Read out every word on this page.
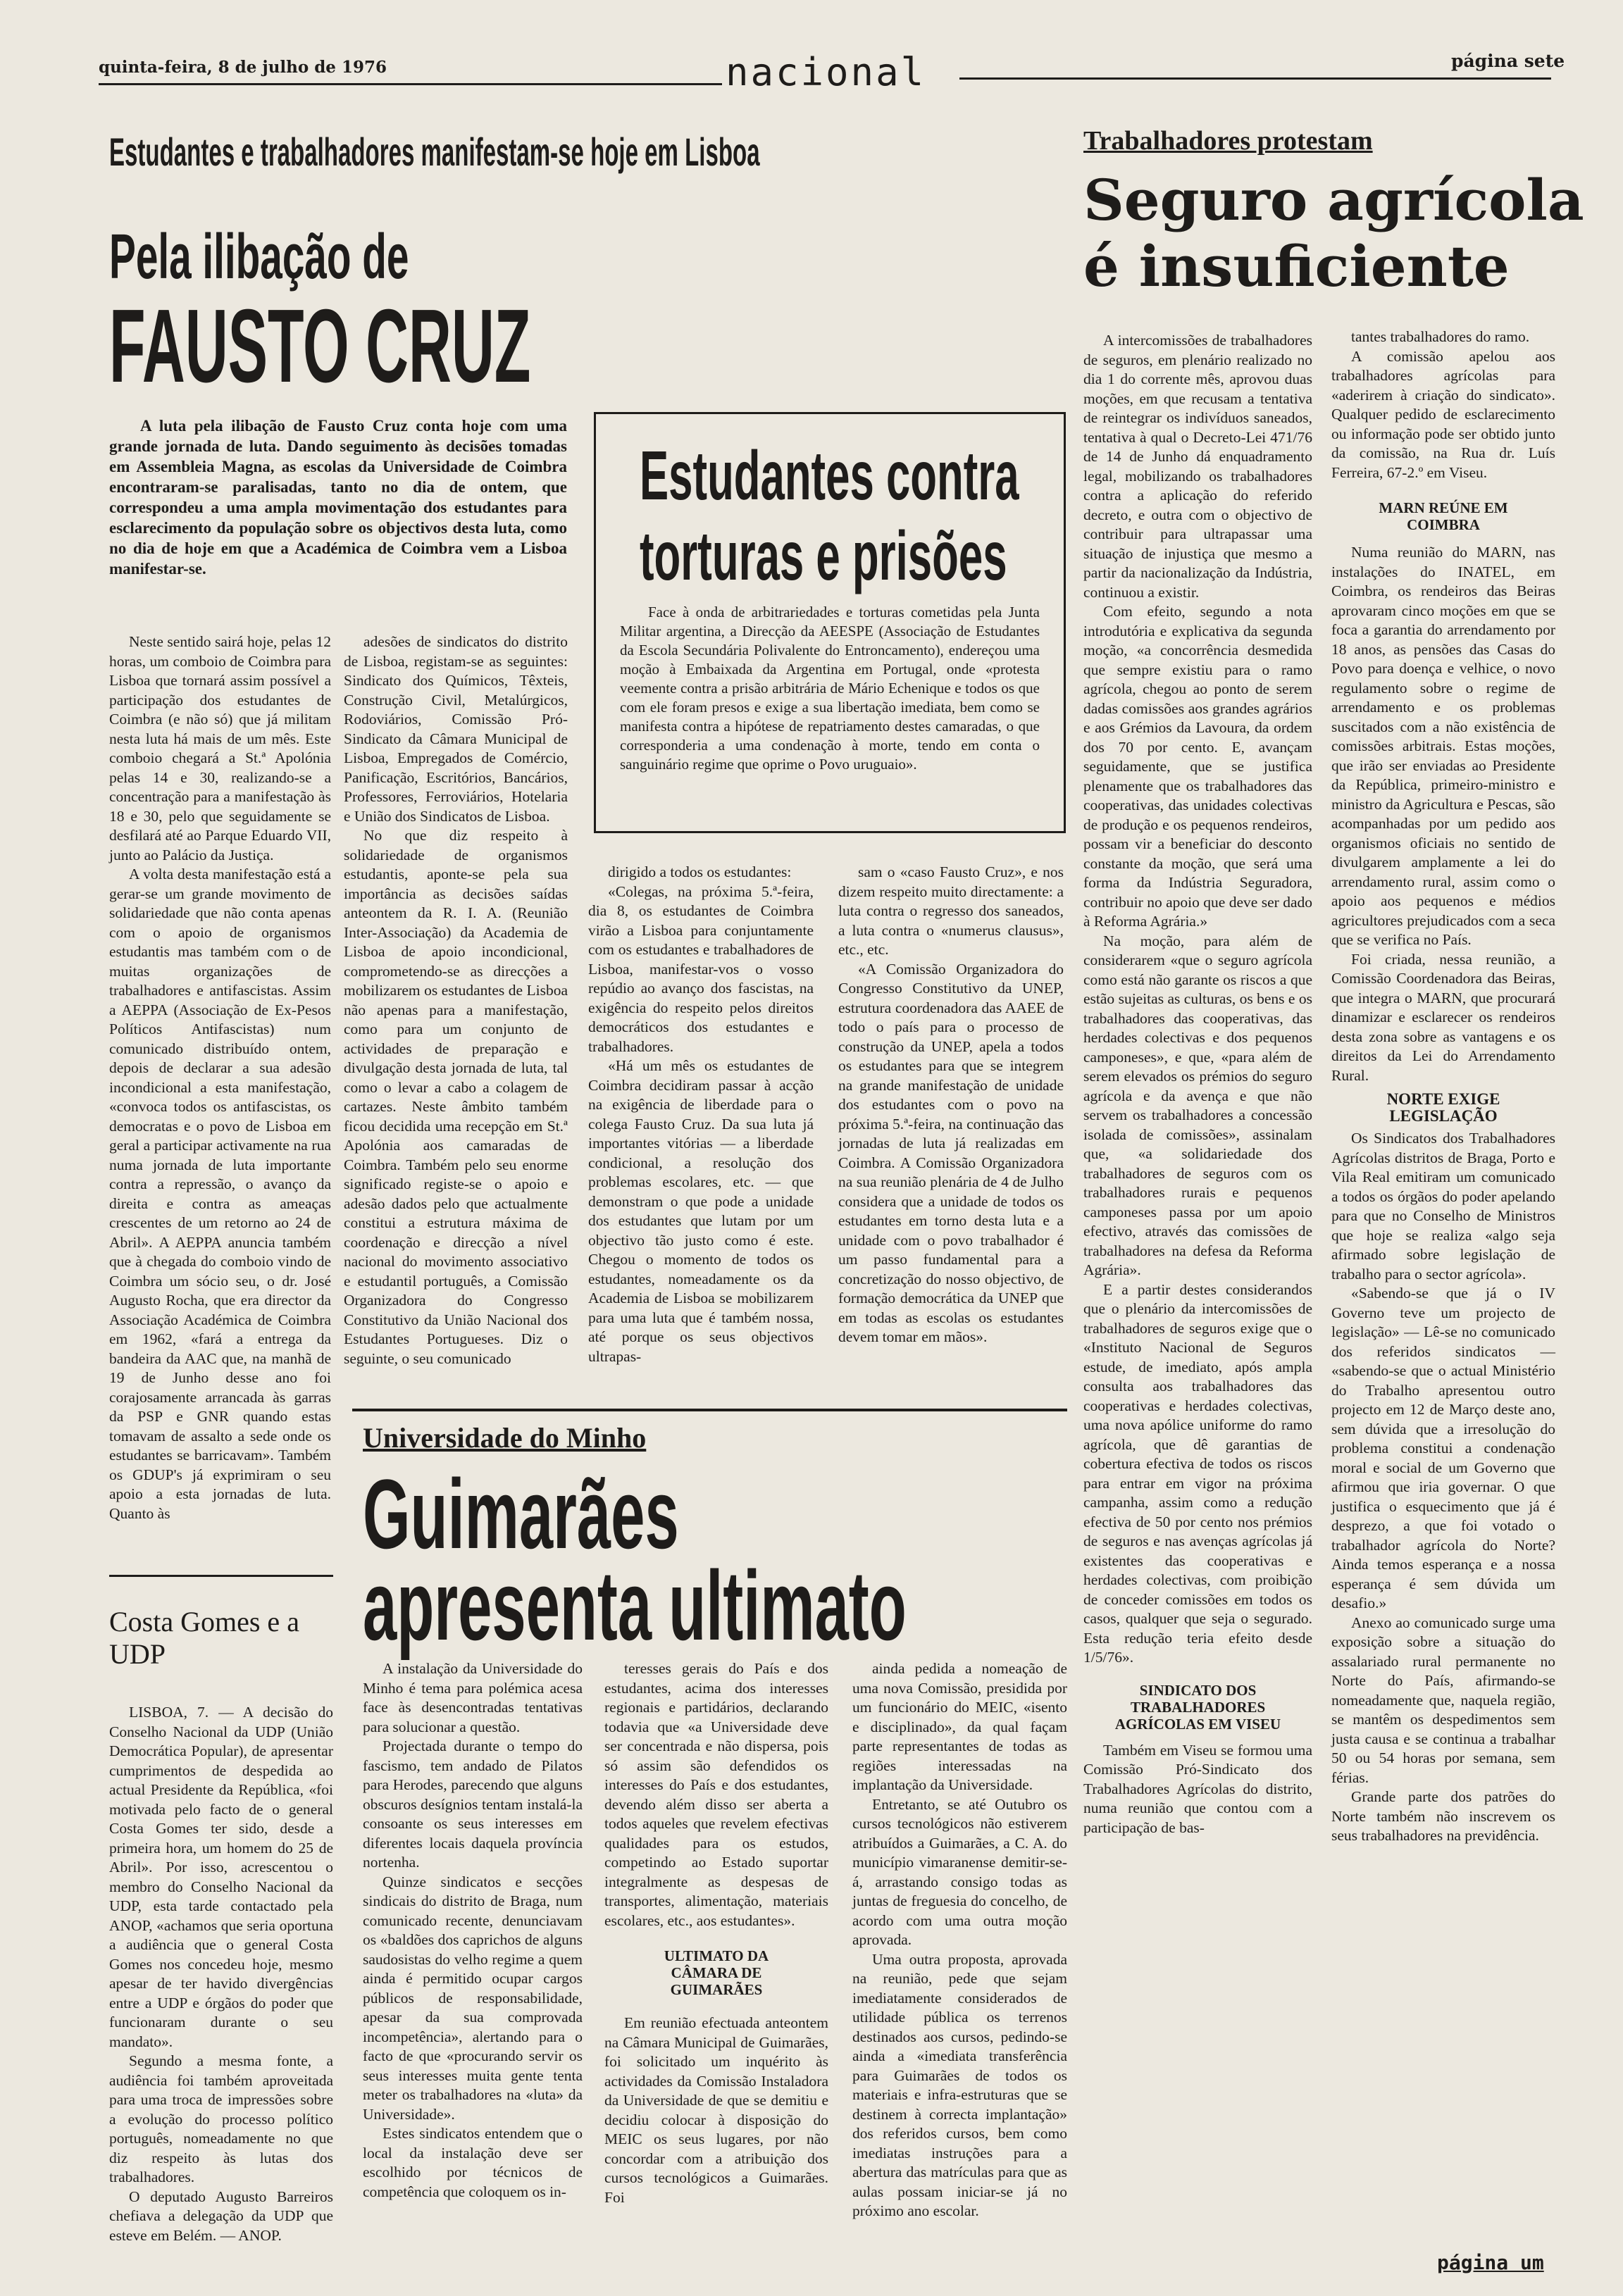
quinta-feira, 8 de julho de 1976	nacional	página sete
Estudantes e trabalhadores manifestam-se hoje em Lisboa
Pela ilibação de
FAUSTO CRUZ

A luta pela ilibação de Fausto Cruz conta hoje com uma grande jornada de luta. Dando seguimento às decisões tomadas em Assembleia Magna, as escolas da Universidade de Coimbra encontraram-se paralisadas, tanto no dia de ontem, que correspondeu a uma ampla movimentação dos estudantes para esclarecimento da população sobre os objectivos desta luta, como no dia de hoje em que a Académica de Coimbra vem a Lisboa manifestar-se.

Neste sentido sairá hoje, pelas 12 horas, um comboio de Coimbra para Lisboa que tornará assim possível a participação dos estudantes de Coimbra (e não só) que já militam nesta luta há mais de um mês. Este comboio chegará a St.ª Apolónia pelas 14 e 30, realizando-se a concentração para a manifestação às 18 e 30, pelo que seguidamente se desfilará até ao Parque Eduardo VII, junto ao Palácio da Justiça.

A volta desta manifestação está a gerar-se um grande movimento de solidariedade que não conta apenas com o apoio de organismos estudantis mas também com o de muitas organizações de trabalhadores e antifascistas. Assim a AEPPA (Associação de Ex-Pesos Políticos Antifascistas) num comunicado distribuído ontem, depois de declarar a sua adesão incondicional a esta manifestação, «convoca todos os antifascistas, os democratas e o povo de Lisboa em geral a participar activamente na rua numa jornada de luta importante contra a repressão, o avanço da direita e contra as ameaças crescentes de um retorno ao 24 de Abril». A AEPPA anuncia também que à chegada do comboio vindo de Coimbra um sócio seu, o dr. José Augusto Rocha, que era director da Associação Académica de Coimbra em 1962, «fará a entrega da bandeira da AAC que, na manhã de 19 de Junho desse ano foi corajosamente arrancada às garras da PSP e GNR quando estas tomavam de assalto a sede onde os estudantes se barricavam». Também os GDUP's já exprimiram o seu apoio a esta jornadas de luta. Quanto às

adesões de sindicatos do distrito de Lisboa, registam-se as seguintes: Sindicato dos Químicos, Têxteis, Construção Civil, Metalúrgicos, Rodoviários, Comissão Pró-Sindicato da Câmara Municipal de Lisboa, Empregados de Comércio, Panificação, Escritórios, Bancários, Professores, Ferroviários, Hotelaria e União dos Sindicatos de Lisboa.

No que diz respeito à solidariedade de organismos estudantis, aponte-se pela sua importância as decisões saídas anteontem da R. I. A. (Reunião Inter-Associação) da Academia de Lisboa de apoio incondicional, comprometendo-se as direcções a mobilizarem os estudantes de Lisboa não apenas para a manifestação, como para um conjunto de actividades de preparação e divulgação desta jornada de luta, tal como o levar a cabo a colagem de cartazes. Neste âmbito também ficou decidida uma recepção em St.ª Apolónia aos camaradas de Coimbra. Também pelo seu enorme significado registe-se o apoio e adesão dados pelo que actualmente constitui a estrutura máxima de coordenação e direcção a nível nacional do movimento associativo e estudantil português, a Comissão Organizadora do Congresso Constitutivo da União Nacional dos Estudantes Portugueses. Diz o seguinte, o seu comunicado

dirigido a todos os estudantes:

«Colegas, na próxima 5.ª-feira, dia 8, os estudantes de Coimbra virão a Lisboa para conjuntamente com os estudantes e trabalhadores de Lisboa, manifestar-vos o vosso repúdio ao avanço dos fascistas, na exigência do respeito pelos direitos democráticos dos estudantes e trabalhadores.

«Há um mês os estudantes de Coimbra decidiram passar à acção na exigência de liberdade para o colega Fausto Cruz. Da sua luta já importantes vitórias — a liberdade condicional, a resolução dos problemas escolares, etc. — que demonstram o que pode a unidade dos estudantes que lutam por um objectivo tão justo como é este. Chegou o momento de todos os estudantes, nomeadamente os da Academia de Lisboa se mobilizarem para uma luta que é também nossa, até porque os seus objectivos ultrapas-

sam o «caso Fausto Cruz», e nos dizem respeito muito directamente: a luta contra o regresso dos saneados, a luta contra o «numerus clausus», etc., etc.

«A Comissão Organizadora do Congresso Constitutivo da UNEP, estrutura coordenadora das AAEE de todo o país para o processo de construção da UNEP, apela a todos os estudantes para que se integrem na grande manifestação de unidade dos estudantes com o povo na próxima 5.ª-feira, na continuação das jornadas de luta já realizadas em Coimbra. A Comissão Organizadora na sua reunião plenária de 4 de Julho considera que a unidade de todos os estudantes em torno desta luta e a unidade com o povo trabalhador é um passo fundamental para a concretização do nosso objectivo, de formação democrática da UNEP que em todas as escolas os estudantes devem tomar em mãos».

Estudantes contra
torturas e prisões

Face à onda de arbitrariedades e torturas cometidas pela Junta Militar argentina, a Direcção da AEESPE (Associação de Estudantes da Escola Secundária Polivalente do Entroncamento), endereçou uma moção à Embaixada da Argentina em Portugal, onde «protesta veemente contra a prisão arbitrária de Mário Echenique e todos os que com ele foram presos e exige a sua libertação imediata, bem como se manifesta contra a hipótese de repatriamento destes camaradas, o que corresponderia a uma condenação à morte, tendo em conta o sanguinário regime que oprime o Povo uruguaio».

Costa Gomes e a UDP

LISBOA, 7. — A decisão do Conselho Nacional da UDP (União Democrática Popular), de apresentar cumprimentos de despedida ao actual Presidente da República, «foi motivada pelo facto de o general Costa Gomes ter sido, desde a primeira hora, um homem do 25 de Abril». Por isso, acrescentou o membro do Conselho Nacional da UDP, esta tarde contactado pela ANOP, «achamos que seria oportuna a audiência que o general Costa Gomes nos concedeu hoje, mesmo apesar de ter havido divergências entre a UDP e órgãos do poder que funcionaram durante o seu mandato».

Segundo a mesma fonte, a audiência foi também aproveitada para uma troca de impressões sobre a evolução do processo político português, nomeadamente no que diz respeito às lutas dos trabalhadores.

O deputado Augusto Barreiros chefiava a delegação da UDP que esteve em Belém. — ANOP.

Universidade do Minho
Guimarães
apresenta ultimato

A instalação da Universidade do Minho é tema para polémica acesa face às desencontradas tentativas para solucionar a questão.

Projectada durante o tempo do fascismo, tem andado de Pilatos para Herodes, parecendo que alguns obscuros desígnios tentam instalá-la consoante os seus interesses em diferentes locais daquela província nortenha.

Quinze sindicatos e secções sindicais do distrito de Braga, num comunicado recente, denunciavam os «baldões dos caprichos de alguns saudosistas do velho regime a quem ainda é permitido ocupar cargos públicos de responsabilidade, apesar da sua comprovada incompetência», alertando para o facto de que «procurando servir os seus interesses muita gente tenta meter os trabalhadores na «luta» da Universidade».

Estes sindicatos entendem que o local da instalação deve ser escolhido por técnicos de competência que coloquem os in-

teresses gerais do País e dos estudantes, acima dos interesses regionais e partidários, declarando todavia que «a Universidade deve ser concentrada e não dispersa, pois só assim são defendidos os interesses do País e dos estudantes, devendo além disso ser aberta a todos aqueles que revelem efectivas qualidades para os estudos, competindo ao Estado suportar integralmente as despesas de transportes, alimentação, materiais escolares, etc., aos estudantes».

ULTIMATO DA CÂMARA DE GUIMARÃES

Em reunião efectuada anteontem na Câmara Municipal de Guimarães, foi solicitado um inquérito às actividades da Comissão Instaladora da Universidade de que se demitiu e decidiu colocar à disposição do MEIC os seus lugares, por não concordar com a atribuição dos cursos tecnológicos a Guimarães. Foi

ainda pedida a nomeação de uma nova Comissão, presidida por um funcionário do MEIC, «isento e disciplinado», da qual façam parte representantes de todas as regiões interessadas na implantação da Universidade.

Entretanto, se até Outubro os cursos tecnológicos não estiverem atribuídos a Guimarães, a C. A. do município vimaranense demitir-se-á, arrastando consigo todas as juntas de freguesia do concelho, de acordo com uma outra moção aprovada.

Uma outra proposta, aprovada na reunião, pede que sejam imediatamente considerados de utilidade pública os terrenos destinados aos cursos, pedindo-se ainda a «imediata transferência para Guimarães de todos os materiais e infra-estruturas que se destinem à correcta implantação» dos referidos cursos, bem como imediatas instruções para a abertura das matrículas para que as aulas possam iniciar-se já no próximo ano escolar.

Trabalhadores protestam
Seguro agrícola
é insuficiente

A intercomissões de trabalhadores de seguros, em plenário realizado no dia 1 do corrente mês, aprovou duas moções, em que recusam a tentativa de reintegrar os indivíduos saneados, tentativa à qual o Decreto-Lei 471/76 de 14 de Junho dá enquadramento legal, mobilizando os trabalhadores contra a aplicação do referido decreto, e outra com o objectivo de contribuir para ultrapassar uma situação de injustiça que mesmo a partir da nacionalização da Indústria, continuou a existir.

Com efeito, segundo a nota introdutória e explicativa da segunda moção, «a concorrência desmedida que sempre existiu para o ramo agrícola, chegou ao ponto de serem dadas comissões aos grandes agrários e aos Grémios da Lavoura, da ordem dos 70 por cento. E, avançam seguidamente, que se justifica plenamente que os trabalhadores das cooperativas, das unidades colectivas de produção e os pequenos rendeiros, possam vir a beneficiar do desconto constante da moção, que será uma forma da Indústria Seguradora, contribuir no apoio que deve ser dado à Reforma Agrária.»

Na moção, para além de considerarem «que o seguro agrícola como está não garante os riscos a que estão sujeitas as culturas, os bens e os trabalhadores das cooperativas, das herdades colectivas e dos pequenos camponeses», e que, «para além de serem elevados os prémios do seguro agrícola e da avença e que não servem os trabalhadores a concessão isolada de comissões», assinalam que, «a solidariedade dos trabalhadores de seguros com os trabalhadores rurais e pequenos camponeses passa por um apoio efectivo, através das comissões de trabalhadores na defesa da Reforma Agrária».

E a partir destes considerandos que o plenário da intercomissões de trabalhadores de seguros exige que o «Instituto Nacional de Seguros estude, de imediato, após ampla consulta aos trabalhadores das cooperativas e herdades colectivas, uma nova apólice uniforme do ramo agrícola, que dê garantias de cobertura efectiva de todos os riscos para entrar em vigor na próxima campanha, assim como a redução efectiva de 50 por cento nos prémios de seguros e nas avenças agrícolas já existentes das cooperativas e herdades colectivas, com proibição de conceder comissões em todos os casos, qualquer que seja o segurado. Esta redução teria efeito desde 1/5/76».

SINDICATO DOS TRABALHADORES AGRÍCOLAS EM VISEU

Também em Viseu se formou uma Comissão Pró-Sindicato dos Trabalhadores Agrícolas do distrito, numa reunião que contou com a participação de bas-

tantes trabalhadores do ramo.

A comissão apelou aos trabalhadores agrícolas para «aderirem à criação do sindicato». Qualquer pedido de esclarecimento ou informação pode ser obtido junto da comissão, na Rua dr. Luís Ferreira, 67-2.º em Viseu.

MARN REÚNE EM COIMBRA

Numa reunião do MARN, nas instalações do INATEL, em Coimbra, os rendeiros das Beiras aprovaram cinco moções em que se foca a garantia do arrendamento por 18 anos, as pensões das Casas do Povo para doença e velhice, o novo regulamento sobre o regime de arrendamento e os problemas suscitados com a não existência de comissões arbitrais. Estas moções, que irão ser enviadas ao Presidente da República, primeiro-ministro e ministro da Agricultura e Pescas, são acompanhadas por um pedido aos organismos oficiais no sentido de divulgarem amplamente a lei do arrendamento rural, assim como o apoio aos pequenos e médios agricultores prejudicados com a seca que se verifica no País.

Foi criada, nessa reunião, a Comissão Coordenadora das Beiras, que integra o MARN, que procurará dinamizar e esclarecer os rendeiros desta zona sobre as vantagens e os direitos da Lei do Arrendamento Rural.

NORTE EXIGE LEGISLAÇÃO

Os Sindicatos dos Trabalhadores Agrícolas distritos de Braga, Porto e Vila Real emitiram um comunicado a todos os órgãos do poder apelando para que no Conselho de Ministros que hoje se realiza «algo seja afirmado sobre legislação de trabalho para o sector agrícola».

«Sabendo-se que já o IV Governo teve um projecto de legislação» — Lê-se no comunicado dos referidos sindicatos — «sabendo-se que o actual Ministério do Trabalho apresentou outro projecto em 12 de Março deste ano, sem dúvida que a irresolução do problema constitui a condenação moral e social de um Governo que afirmou que iria governar. O que justifica o esquecimento que já é desprezo, a que foi votado o trabalhador agrícola do Norte? Ainda temos esperança e a nossa esperança é sem dúvida um desafio.»

Anexo ao comunicado surge uma exposição sobre a situação do assalariado rural permanente no Norte do País, afirmando-se nomeadamente que, naquela região, se mantêm os despedimentos sem justa causa e se continua a trabalhar 50 ou 54 horas por semana, sem férias.

Grande parte dos patrões do Norte também não inscrevem os seus trabalhadores na previdência.

página um
